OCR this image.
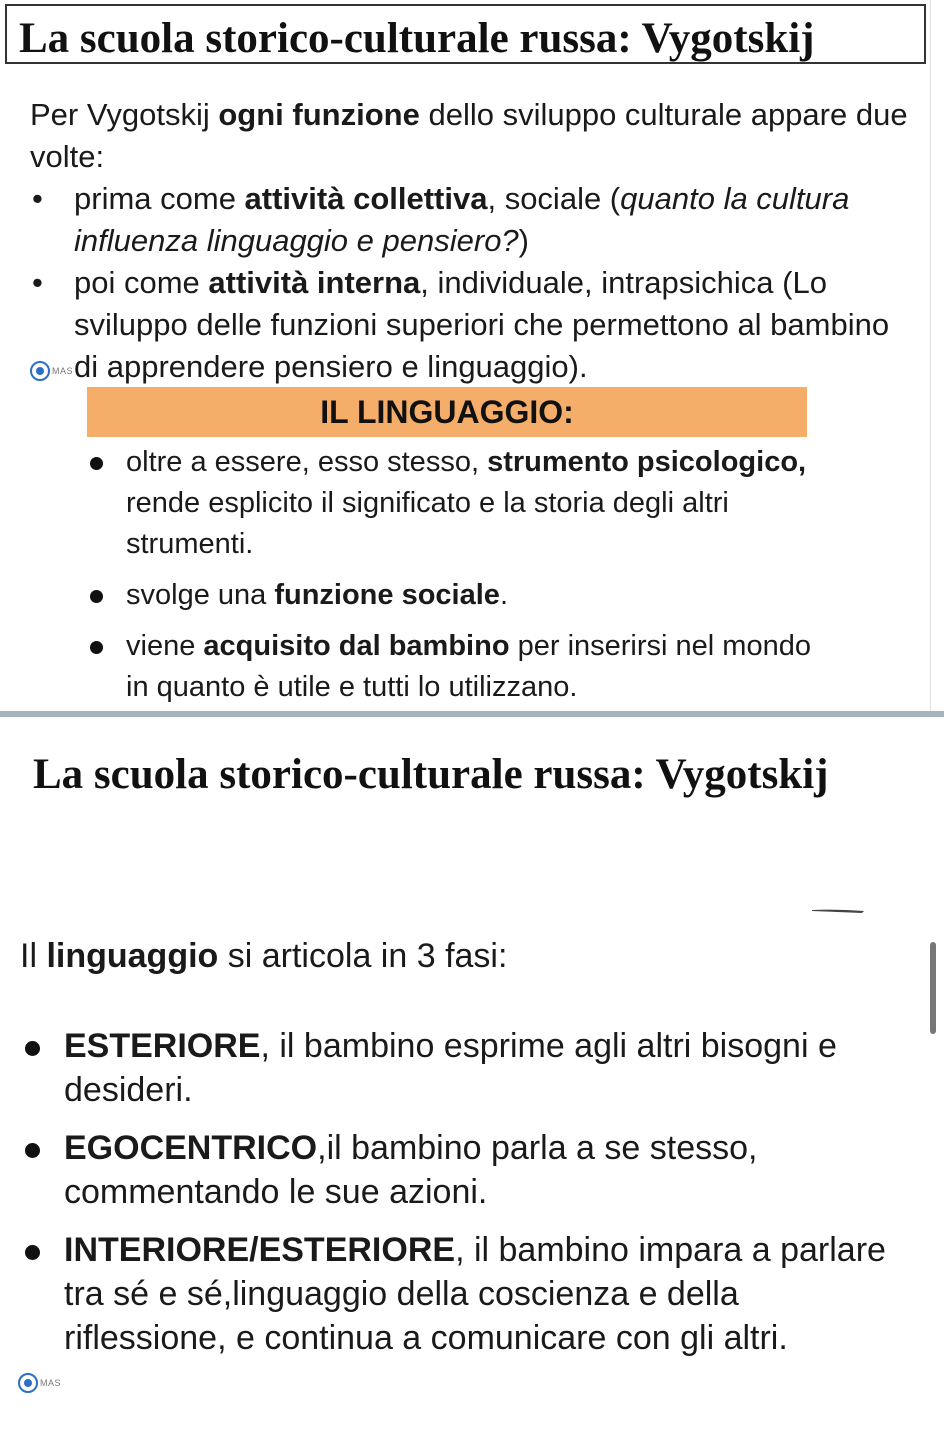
La scuola storico-culturale russa: Vygotskij

Per Vygotskij ogni funzione dello sviluppo culturale appare due volte:

• prima come attività collettiva, sociale (quanto la cultura influenza linguaggio e pensiero?)
• poi come attività interna, individuale, intrapsichica (Lo sviluppo delle funzioni superiori che permettono al bambino di apprendere pensiero e linguaggio).
MAS
IL LINGUAGGIO:
oltre a essere, esso stesso, strumento psicologico, rende esplicito il significato e la storia degli altri strumenti.
svolge una funzione sociale.
viene acquisito dal bambino per inserirsi nel mondo in quanto è utile e tutti lo utilizzano.
La scuola storico-culturale russa: Vygotskij
Il linguaggio si articola in 3 fasi:
ESTERIORE, il bambino esprime agli altri bisogni e desideri.
EGOCENTRICO,il bambino parla a se stesso, commentando le sue azioni.
INTERIORE/ESTERIORE, il bambino impara a parlare tra sé e sé,linguaggio della coscienza e della riflessione, e continua a comunicare con gli altri.
MAS
